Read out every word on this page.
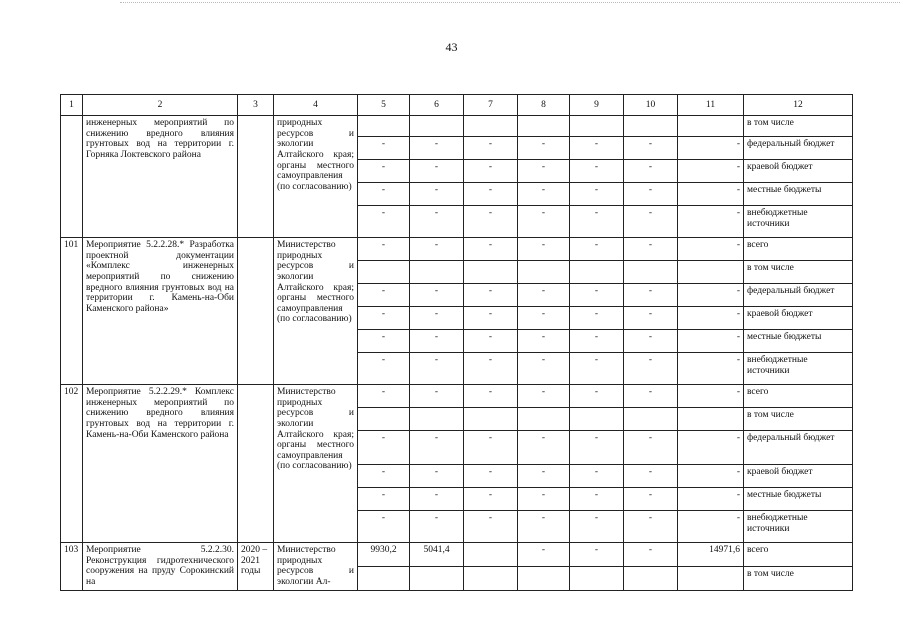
43
1	2	3	4	5	6	7	8	9	10	11	12
	инженерных мероприятий по снижению вредного влияния грунтовых вод на территории г. Горняка Локтевского района		природных ресурсов и экологии Алтайского края; органы местного самоуправления (по согласованию)								в том числе
				-	-	-	-	-	-	-	федеральный бюджет
				-	-	-	-	-	-	-	краевой бюджет
				-	-	-	-	-	-	-	местные бюджеты
				-	-	-	-	-	-	-	внебюджетные источники
101	Мероприятие 5.2.2.28.* Разработка проектной документации «Комплекс инженерных мероприятий по снижению вредного влияния грунтовых вод на территории г. Камень-на-Оби Каменского района»		Министерство природных ресурсов и экологии Алтайского края; органы местного самоуправления (по согласованию)	-	-	-	-	-	-	-	всего
											в том числе
				-	-	-	-	-	-	-	федеральный бюджет
				-	-	-	-	-	-	-	краевой бюджет
				-	-	-	-	-	-	-	местные бюджеты
				-	-	-	-	-	-	-	внебюджетные источники
102	Мероприятие 5.2.2.29.* Комплекс инженерных мероприятий по снижению вредного влияния грунтовых вод на территории г. Камень-на-Оби Каменского района		Министерство природных ресурсов и экологии Алтайского края; органы местного самоуправления (по согласованию)	-	-	-	-	-	-	-	всего
											в том числе
				-	-	-	-	-	-	-	федеральный бюджет
				-	-	-	-	-	-	-	краевой бюджет
				-	-	-	-	-	-	-	местные бюджеты
				-	-	-	-	-	-	-	внебюджетные источники
103	Мероприятие 5.2.2.30. Реконструкция гидротехнического сооружения на пруду Сорокинский на	2020 – 2021 годы	Министерство природных ресурсов и экологии Ал-	9930,2	5041,4		-	-	-	14971,6	всего
											в том числе
